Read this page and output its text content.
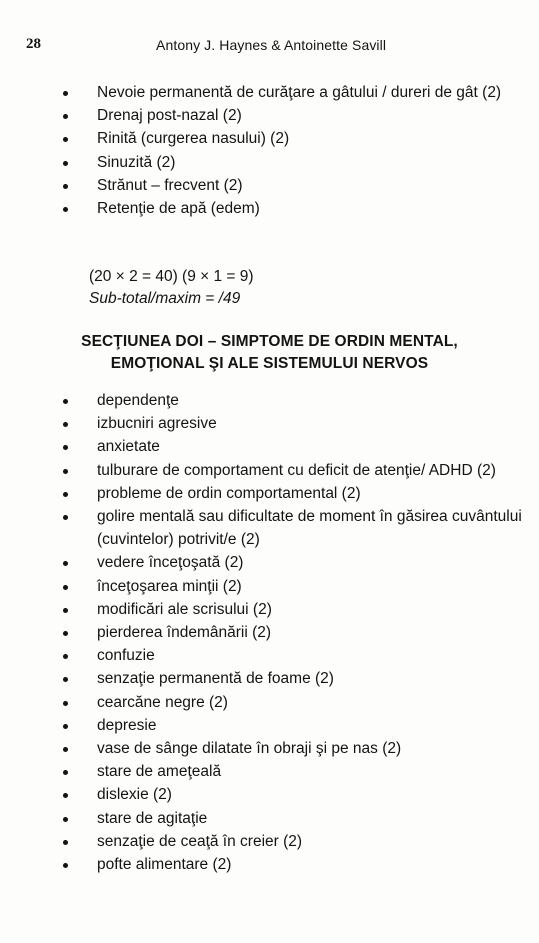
28	Antony J. Haynes & Antoinette Savill
Nevoie permanentă de curăţare a gâtului / dureri de gât (2)
Drenaj post-nazal (2)
Rinită (curgerea nasului) (2)
Sinuzită (2)
Strănut – frecvent (2)
Retenţie de apă (edem)
(20 × 2 = 40) (9 × 1 = 9)
Sub-total/maxim = /49
SECŢIUNEA DOI – SIMPTOME DE ORDIN MENTAL,
EMOŢIONAL ŞI ALE SISTEMULUI NERVOS
dependenţe
izbucniri agresive
anxietate
tulburare de comportament cu deficit de atenţie/ ADHD (2)
probleme de ordin comportamental (2)
golire mentală sau dificultate de moment în găsirea cuvântului (cuvintelor) potrivit/e (2)
vedere înceţoşată (2)
înceţoşarea minţii (2)
modificări ale scrisului (2)
pierderea îndemânării (2)
confuzie
senzaţie permanentă de foame (2)
cearcăne negre (2)
depresie
vase de sânge dilatate în obraji şi pe nas (2)
stare de ameţeală
dislexie (2)
stare de agitaţie
senzaţie de ceaţă în creier (2)
pofte alimentare (2)
